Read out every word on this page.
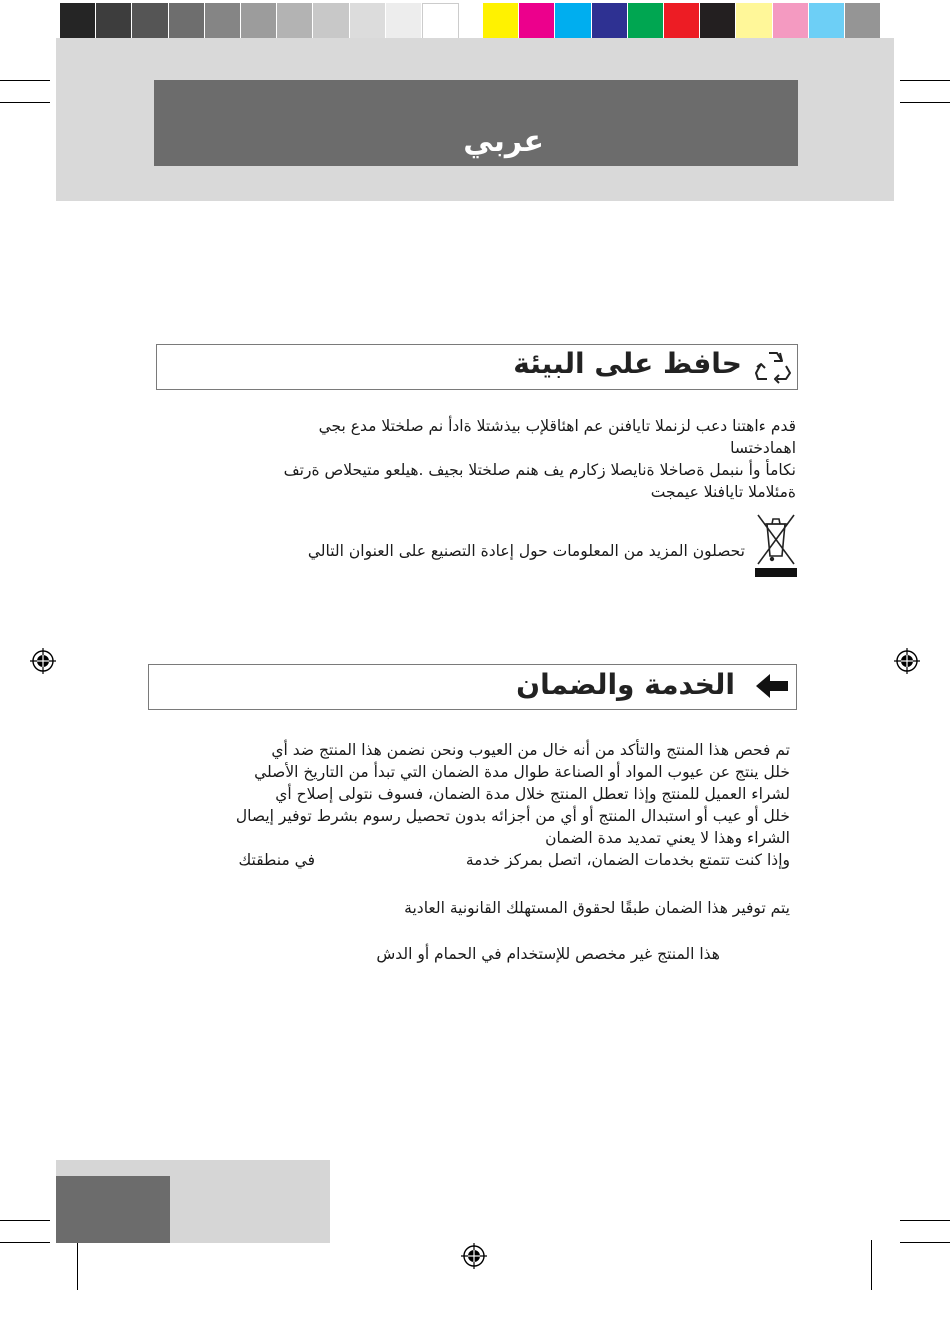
عربي
حافظ على البيئة
قدم ءاهتنا دعب لزنملا تايافنن عم اهئاقلإب بيذشتلا ةادأ نم صلختلا مدع بجي
اهمادختسا
نكامأ وأ ىنبمل ةصاخلا ةنايصلا زكارم يف هنم صلختلا بجيف .هيلعو متيحلاص ةرتف
ةمئلاملا تايافنلا عيمجت
تحصلون المزيد من المعلومات حول إعادة التصنيع على العنوان التالي
الخدمة والضمان
تم فحص هذا المنتج والتأكد من أنه خال من العيوب ونحن نضمن هذا المنتج ضد أي
خلل ينتج عن عيوب المواد أو الصناعة طوال مدة الضمان التي تبدأ من التاريخ الأصلي
لشراء العميل للمنتج وإذا تعطل المنتج خلال مدة الضمان، فسوف نتولى إصلاح أي
خلل أو عيب أو استبدال المنتج أو أي من أجزائه بدون تحصيل رسوم بشرط توفير إيصال
الشراء وهذا لا يعني تمديد مدة الضمان
وإذا كنت تتمتع بخدمات الضمان، اتصل بمركز خدمة
في منطقتك
يتم توفير هذا الضمان طبقًا لحقوق المستهلك القانونية العادية
هذا المنتج غير مخصص للإستخدام في الحمام أو الدش
